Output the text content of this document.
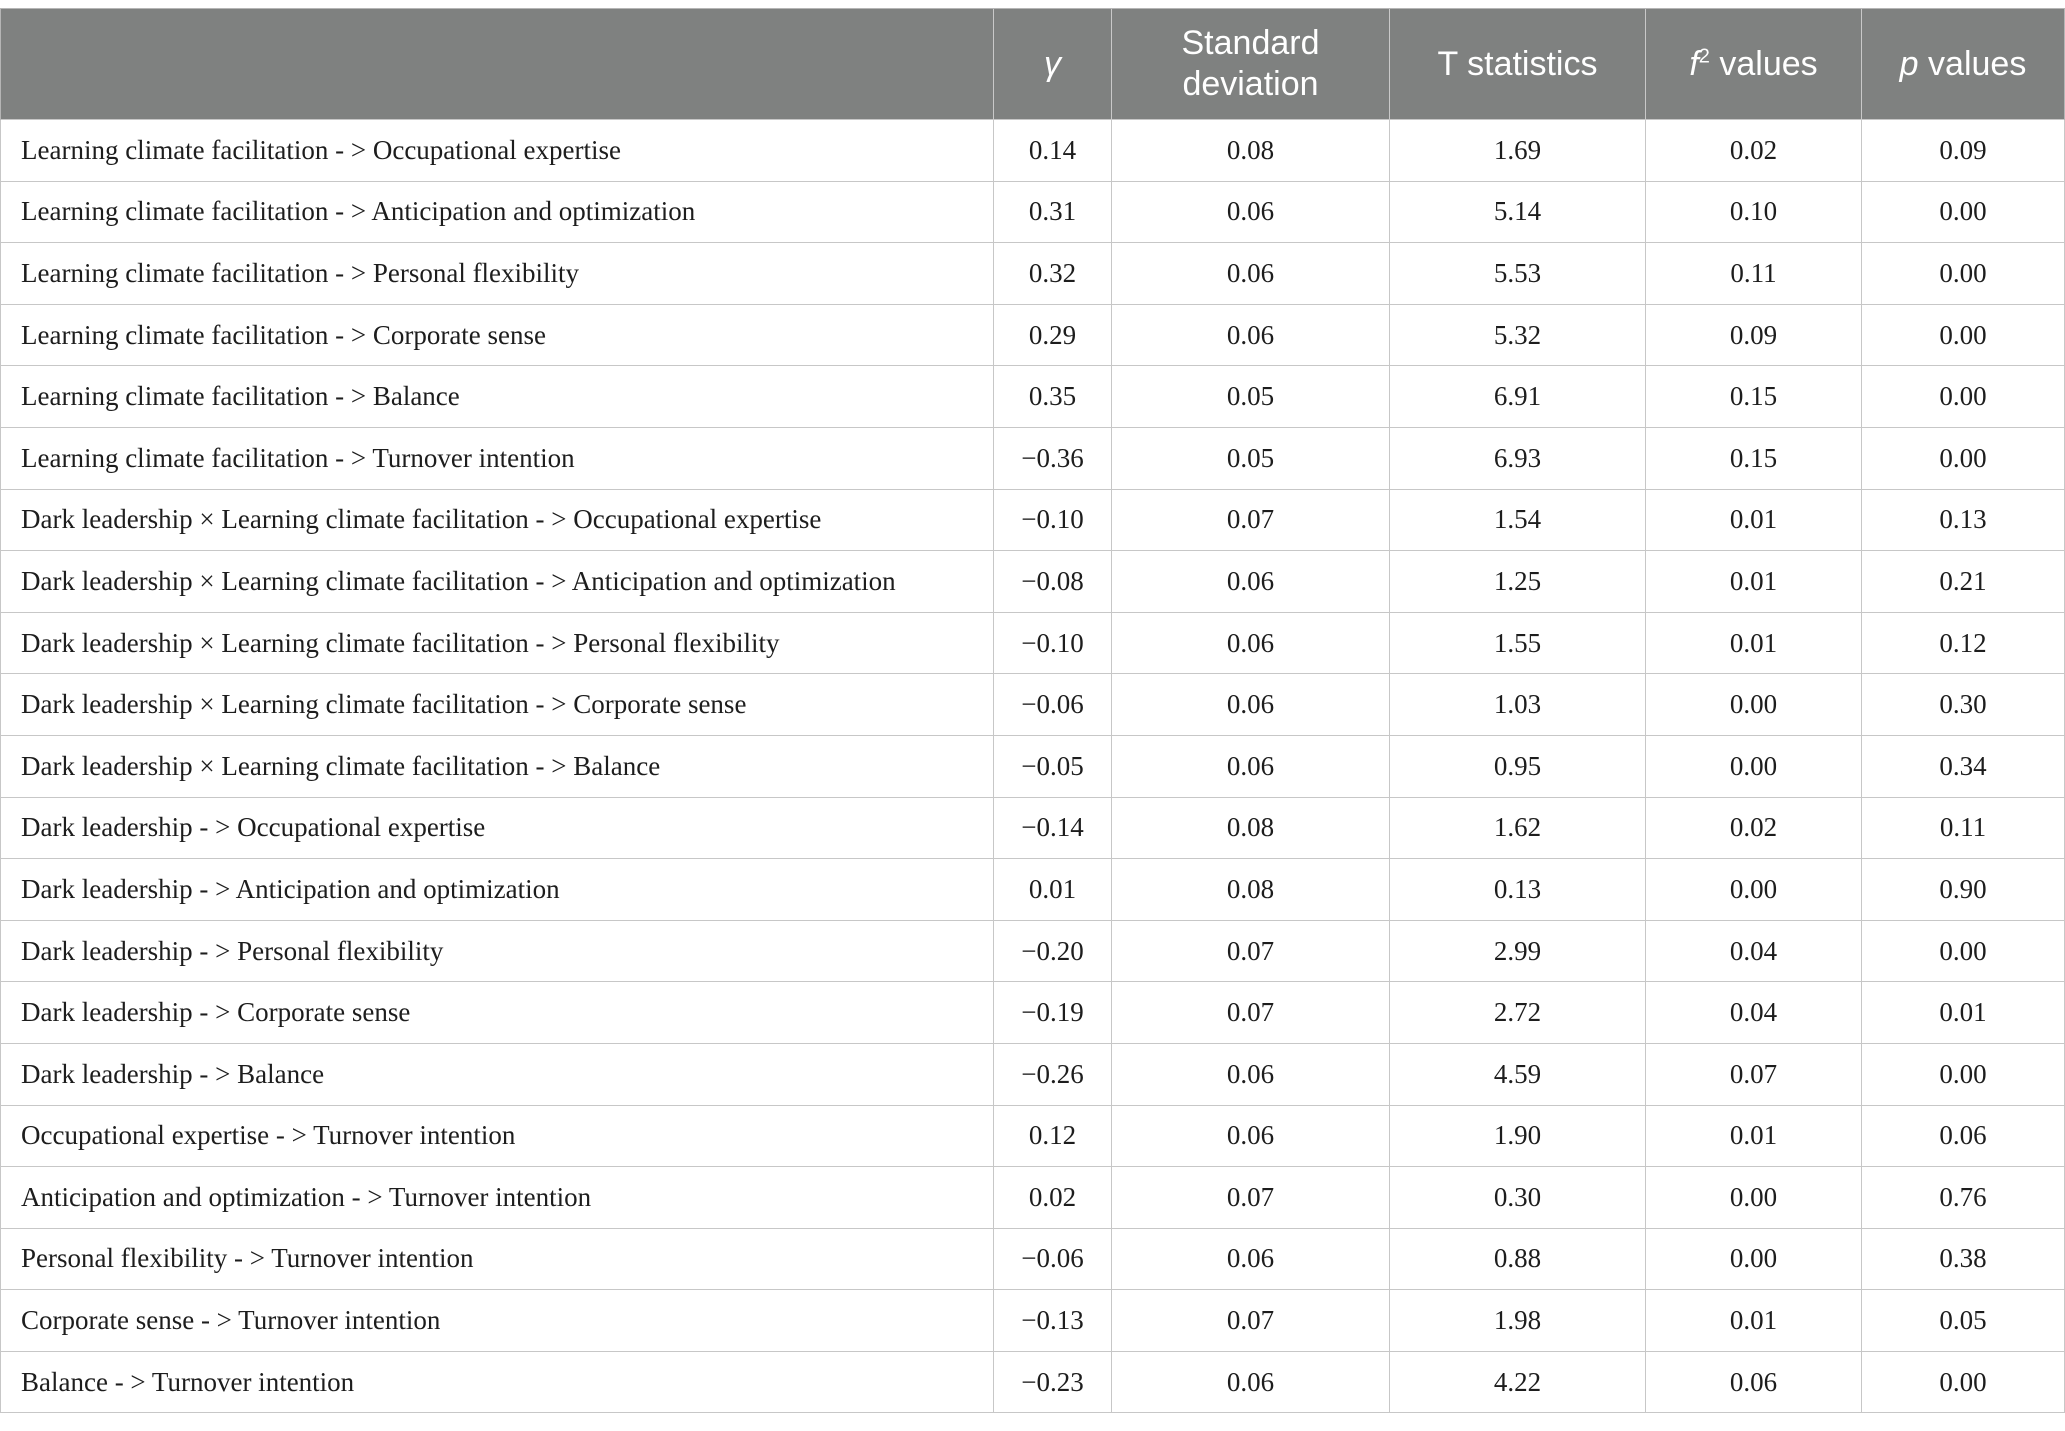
	γ	Standard deviation	T statistics	$f^2$ values	p values
Learning climate facilitation - > Occupational expertise	0.14	0.08	1.69	0.02	0.09
Learning climate facilitation - > Anticipation and optimization	0.31	0.06	5.14	0.10	0.00
Learning climate facilitation - > Personal flexibility	0.32	0.06	5.53	0.11	0.00
Learning climate facilitation - > Corporate sense	0.29	0.06	5.32	0.09	0.00
Learning climate facilitation - > Balance	0.35	0.05	6.91	0.15	0.00
Learning climate facilitation - > Turnover intention	−0.36	0.05	6.93	0.15	0.00
Dark leadership × Learning climate facilitation - > Occupational expertise	−0.10	0.07	1.54	0.01	0.13
Dark leadership × Learning climate facilitation - > Anticipation and optimization	−0.08	0.06	1.25	0.01	0.21
Dark leadership × Learning climate facilitation - > Personal flexibility	−0.10	0.06	1.55	0.01	0.12
Dark leadership × Learning climate facilitation - > Corporate sense	−0.06	0.06	1.03	0.00	0.30
Dark leadership × Learning climate facilitation - > Balance	−0.05	0.06	0.95	0.00	0.34
Dark leadership - > Occupational expertise	−0.14	0.08	1.62	0.02	0.11
Dark leadership - > Anticipation and optimization	0.01	0.08	0.13	0.00	0.90
Dark leadership - > Personal flexibility	−0.20	0.07	2.99	0.04	0.00
Dark leadership - > Corporate sense	−0.19	0.07	2.72	0.04	0.01
Dark leadership - > Balance	−0.26	0.06	4.59	0.07	0.00
Occupational expertise - > Turnover intention	0.12	0.06	1.90	0.01	0.06
Anticipation and optimization - > Turnover intention	0.02	0.07	0.30	0.00	0.76
Personal flexibility - > Turnover intention	−0.06	0.06	0.88	0.00	0.38
Corporate sense - > Turnover intention	−0.13	0.07	1.98	0.01	0.05
Balance - > Turnover intention	−0.23	0.06	4.22	0.06	0.00
